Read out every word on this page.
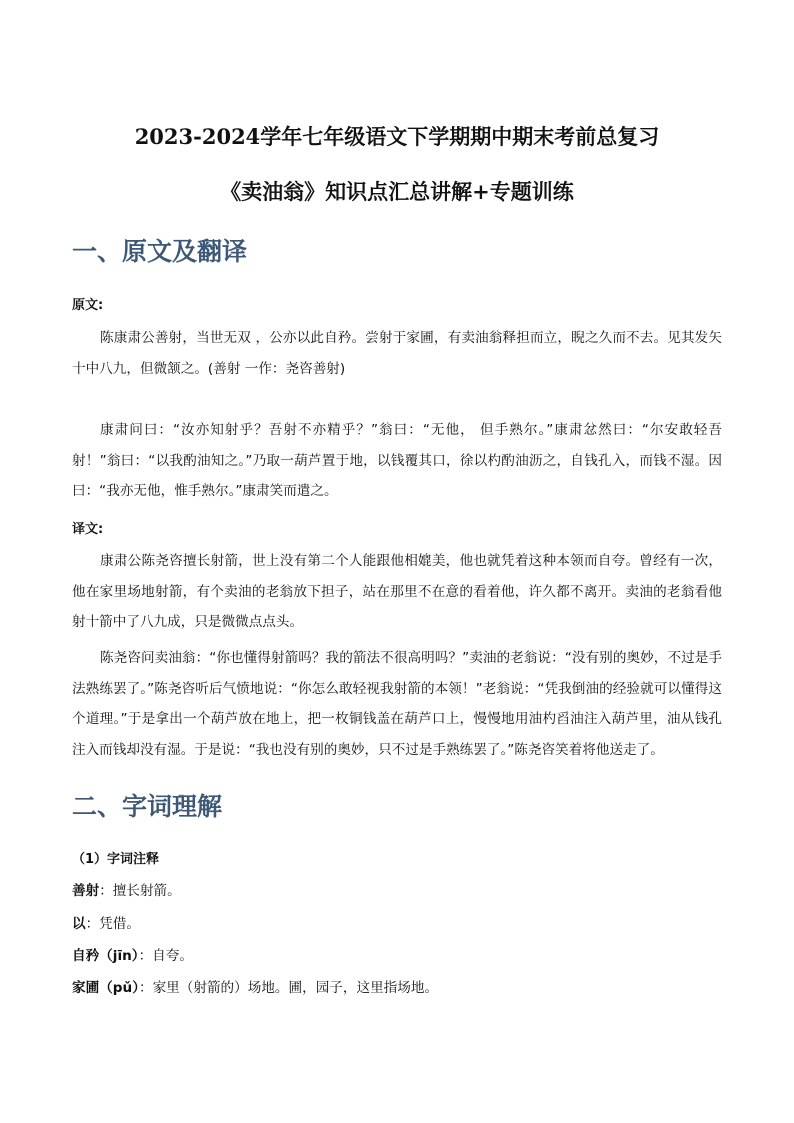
2023-2024学年七年级语文下学期期中期末考前总复习
《卖油翁》知识点汇总讲解+专题训练
一、原文及翻译
原文:
陈康肃公善射，当世无双 ，公亦以此自矜。尝射于家圃，有卖油翁释担而立，睨之久而不去。见其发矢十中八九，但微颔之。(善射 一作：尧咨善射)
康肃问曰：“汝亦知射乎？吾射不亦精乎？”翁曰：“无他， 但手熟尔。”康肃忿然曰：“尔安敢轻吾射！”翁曰：“以我酌油知之。”乃取一葫芦置于地，以钱覆其口，徐以杓酌油沥之，自钱孔入，而钱不湿。因曰：“我亦无他，惟手熟尔。”康肃笑而遣之。
译文:
康肃公陈尧咨擅长射箭，世上没有第二个人能跟他相媲美，他也就凭着这种本领而自夸。曾经有一次，他在家里场地射箭，有个卖油的老翁放下担子，站在那里不在意的看着他，许久都不离开。卖油的老翁看他射十箭中了八九成，只是微微点点头。
陈尧咨问卖油翁：“你也懂得射箭吗？我的箭法不很高明吗？”卖油的老翁说：“没有别的奥妙，不过是手法熟练罢了。”陈尧咨听后气愤地说：“你怎么敢轻视我射箭的本领！”老翁说：“凭我倒油的经验就可以懂得这个道理。”于是拿出一个葫芦放在地上，把一枚铜钱盖在葫芦口上，慢慢地用油杓舀油注入葫芦里，油从钱孔注入而钱却没有湿。于是说：“我也没有别的奥妙，只不过是手熟练罢了。”陈尧咨笑着将他送走了。
二、字词理解
（1）字词注释
善射：擅长射箭。
以：凭借。
自矜（jīn）：自夸。
家圃（pǔ）：家里（射箭的）场地。圃，园子，这里指场地。
